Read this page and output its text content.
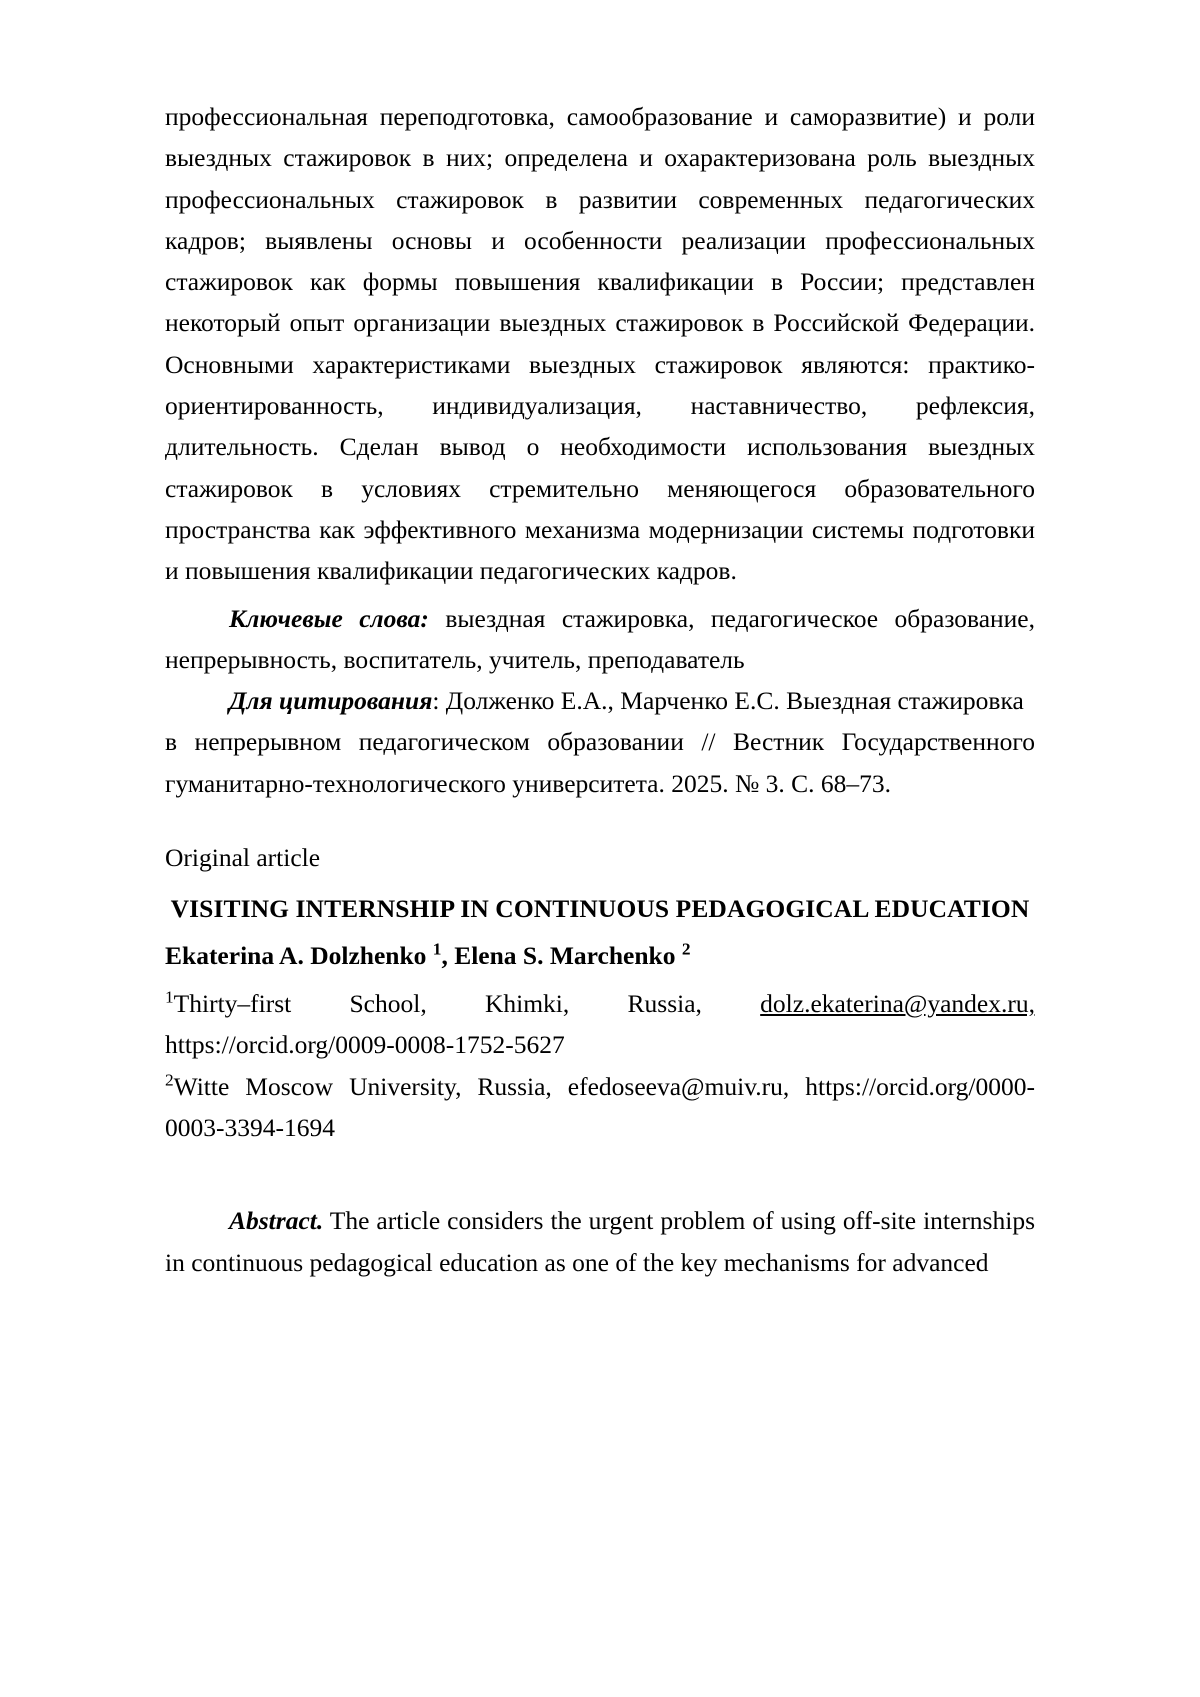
профессиональная переподготовка, самообразование и саморазвитие) и роли выездных стажировок в них; определена и охарактеризована роль выездных профессиональных стажировок в развитии современных педагогических кадров; выявлены основы и особенности реализации профессиональных стажировок как формы повышения квалификации в России; представлен некоторый опыт организации выездных стажировок в Российской Федерации. Основными характеристиками выездных стажировок являются: практико-ориентированность, индивидуализация, наставничество, рефлексия, длительность. Сделан вывод о необходимости использования выездных стажировок в условиях стремительно меняющегося образовательного пространства как эффективного механизма модернизации системы подготовки и повышения квалификации педагогических кадров.

Ключевые слова: выездная стажировка, педагогическое образование, непрерывность, воспитатель, учитель, преподаватель

Для цитирования: Долженко Е.А., Марченко Е.С. Выездная стажировка

в непрерывном педагогическом образовании // Вестник Государственного гуманитарно-технологического университета. 2025. № 3. С. 68–73.

Original article

VISITING INTERNSHIP IN CONTINUOUS PEDAGOGICAL EDUCATION

Ekaterina A. Dolzhenko $^1$, Elena S. Marchenko $^2$

$^1$Thirty–first School, Khimki, Russia, dolz.ekaterina@yandex.ru, https://orcid.org/0009-0008-1752-5627

$^2$Witte Moscow University, Russia, efedoseeva@muiv.ru, https://orcid.org/0000-0003-3394-1694

Abstract. The article considers the urgent problem of using off-site internships in continuous pedagogical education as one of the key mechanisms for advanced
